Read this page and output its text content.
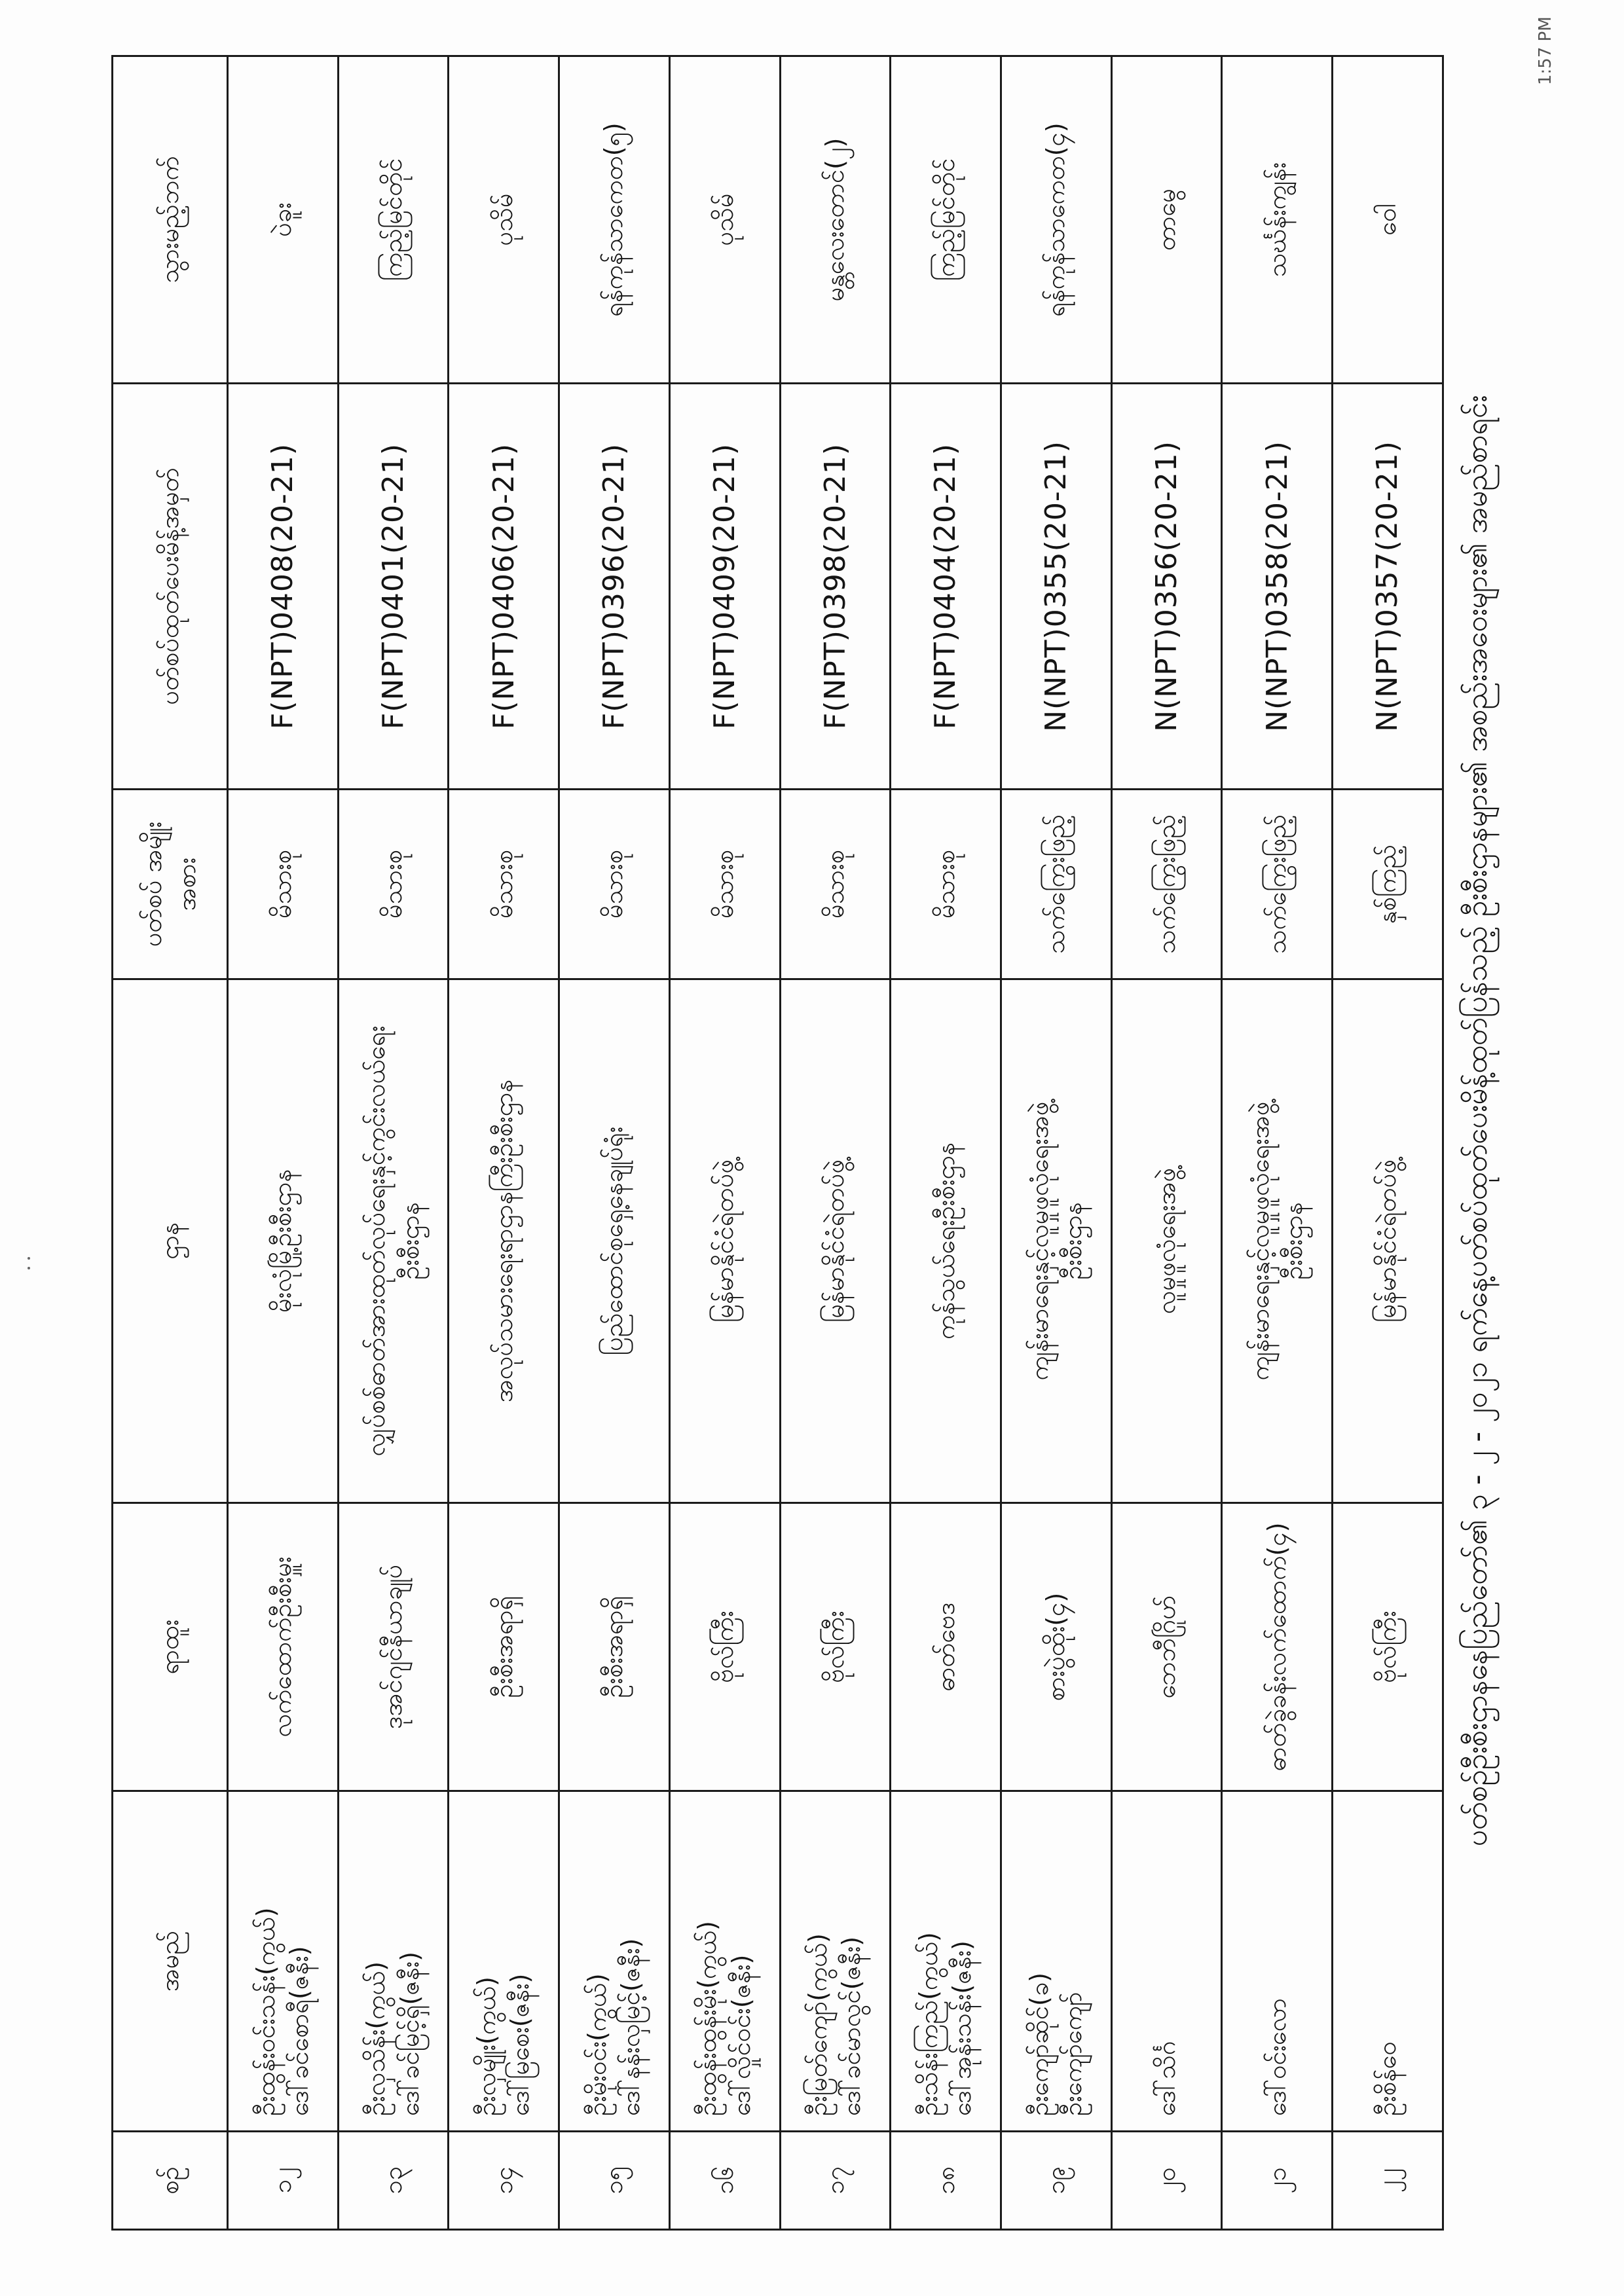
ပတ်စဉ်ဦးစီးဌာနနေပြည်တော်၏ ၃ - ၂ - ၂၀၂၁ ရက်နေ့ပတ်စပ်ထုတ်ပေးမိန့်ထုတ်ပြန်သည့် ဦးစီးဌာနများ၏ အစည်းအဝေးများ၏ အမည်စာရင်း
စဉ်	အမည်	ရာထူး	ဌာန	ပတ်စပ် အမျိုးအစား	ပတ်စပ်ထုတ်ပေးမိန့်အမှတ်	သွားမည့်ဘက်
၁၂	ဦးထွန်းဝင်းသန်း(ကွယ်) ဒေါ်ခင်စောရီ(ဇနီး)	လက်ထောက်ဦးစီးမှူး	မိုးလုံမြို့ဦးစီးဌာန	မိသားစု	F(NPT)0408(20-21)	ပဲခူး
၁၃	ဦးလှသိန်း(ကွယ်) ဒေါ်ခင်မြင့်ရှိ(ဇနီး)	ဒုအင်ဂျင်နီယာချုပ်	လျှပ်စစ်ဓာတ်အားထုတ်လုပ်ရေးနှင့်ကွင်းလယ်ရေး ဦးစီးဌာန	မိသားစု	F(NPT)0401(20-21)	ကြည့်မြင်တိုင်
၁၄	ဦးလှမျိုး(ကွယ်) ဒေါ်မြစေး(ဇနီး)	ဦးစီးအရာရှိ	အလုပ်သမားရေးရာဌာနကြီးဦးစီးဌာန	မိသားစု	F(NPT)0406(20-21)	ပုသိမ်
၁၅	ဦးမိုးဝင်း(ကွယ်) ဒေါ်နန်းလှမြင့်(ဇနီး)	ဦးစီးအရာရှိ	ပြည်ထောင်စုရှေ့နေချုပ်ရုံး	မိသားစု	F(NPT)0396(20-21)	ရန်ကုန်သာကေတ(၅)
၁၆	ဦးထွန်းထွန်းမိုး(ကွယ်) ဒေါ်လှိုင်ဝင်း(ဇနီး)	ဗိုလ်ကြီး	မြန်မာနိုင်ငံရဲတပ်ဖွဲ့	မိသားစု	F(NPT)0409(20-21)	ပုသိမ်
၁၇	ဦးမြတ်ကျော်(ကွယ်) ဒေါ်ခင်မာလွင်(ဇနီး)	ဗိုလ်ကြီး	မြန်မာနိုင်ငံရဲတပ်ဖွဲ့	မိသားစု	F(NPT)0398(20-21)	မန္တလေးတောင်(၂)
၁၈	ဦးသိန်းကြည်(ကွယ်) ဒေါ်အုန်းသန်း(ဇနီး)	ဓာတ်ဗေဒ	ကုန်သွယ်ရေးဦးစီးဌာန	မိသားစု	F(NPT)0404(20-21)	ကြည့်မြင်တိုင်
၁၉	ဦးကျော်ဆိုင်(ခ) ဦးကျော်ကျော်	စားပွဲထိုး(၄)	ကျန်းမာရေးနှင့်လူမှုဖူလုံရေးအဖွဲ့ ဦးစီးဌာန	သက်ကြွေးဖြည့်	N(NPT)0355(20-21)	ရန်ကုန်သာကေတ(၄)
၂၀	ဒေါ်သိင်္ဂ	ဘေဘီဂြိုဟ်	လူမှုဖူလုံရေးအဖွဲ့	သက်ကြွေးဖြည့်	N(NPT)0356(20-21)	တာမွေ
၂၁	ဒေါ်ဝင်းလော	ဓာတ်ခွဲခန်းလက်ထောက်(၄)	ကျန်းမာရေးနှင့်လူမှုဖူလုံရေးအဖွဲ့ ဦးစီးဌာန	သက်ကြွေးဖြည့်	N(NPT)0358(20-21)	သင်္ဃန်းကျွန်း
၂၂	ဦးစိန်ဝေ	ဗိုလ်ကြီး	မြန်မာနိုင်ငံရဲတပ်ဖွဲ့	နှစ်ကြည့်	N(NPT)0357(20-21)	ဝေါ
1:57 PM
